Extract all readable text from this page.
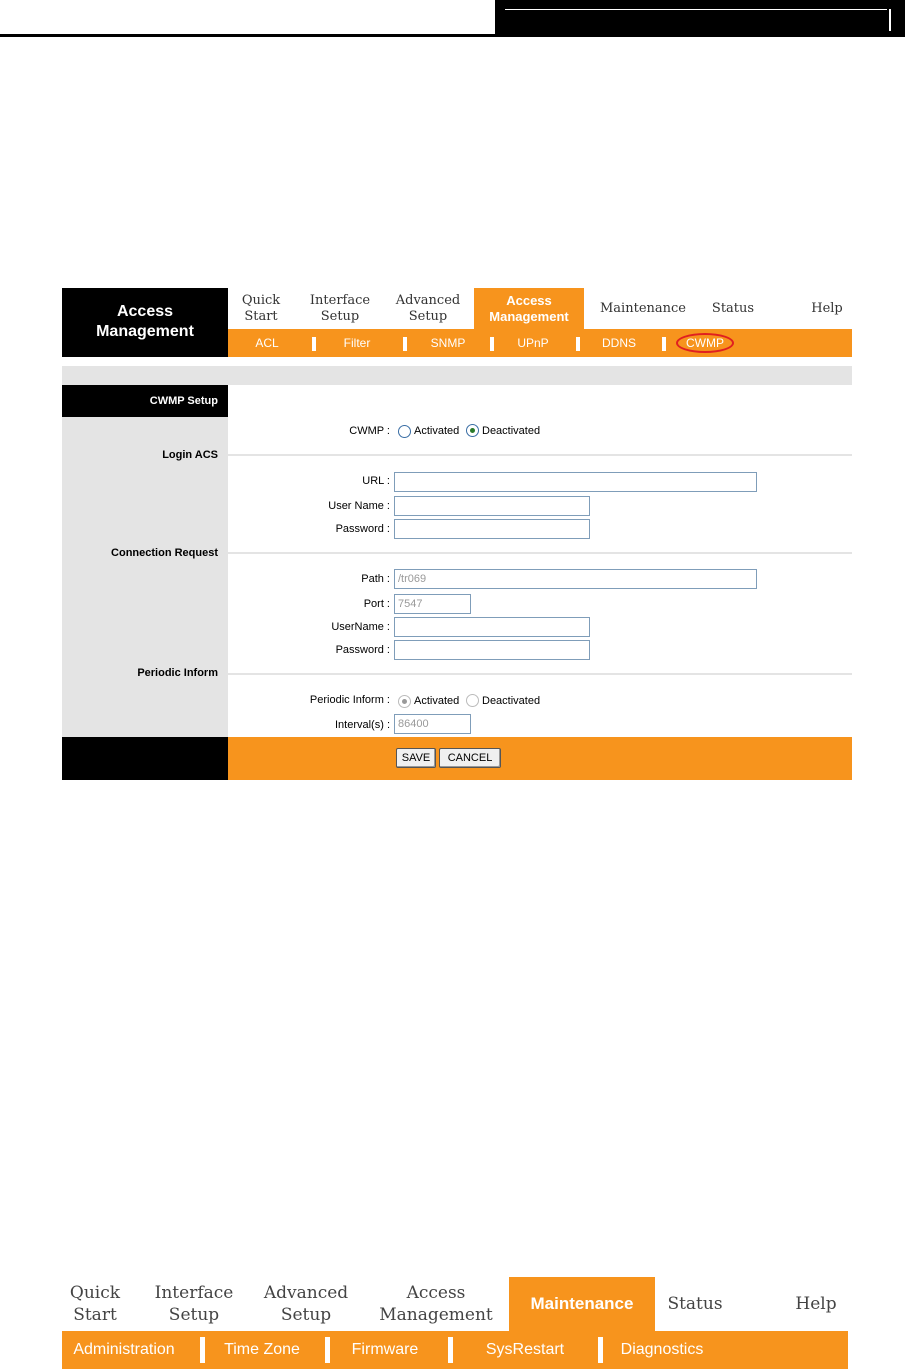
Access
Management
Quick
Start
Interface
Setup
Advanced
Setup
Access
Management
Maintenance	Status	Help
ACL	Filter	SNMP	UPnP	DDNS	CWMP
CWMP Setup
CWMP : Activated Deactivated
Login ACS
URL :
User Name :
Password :
Connection Request
Path : /tr069
Port : 7547
UserName :
Password :
Periodic Inform
Periodic Inform : Activated Deactivated
Interval(s) : 86400
SAVE	CANCEL
Quick
Start
Interface
Setup
Advanced
Setup
Access
Management
Maintenance	Status	Help
Administration	Time Zone	Firmware	SysRestart	Diagnostics
